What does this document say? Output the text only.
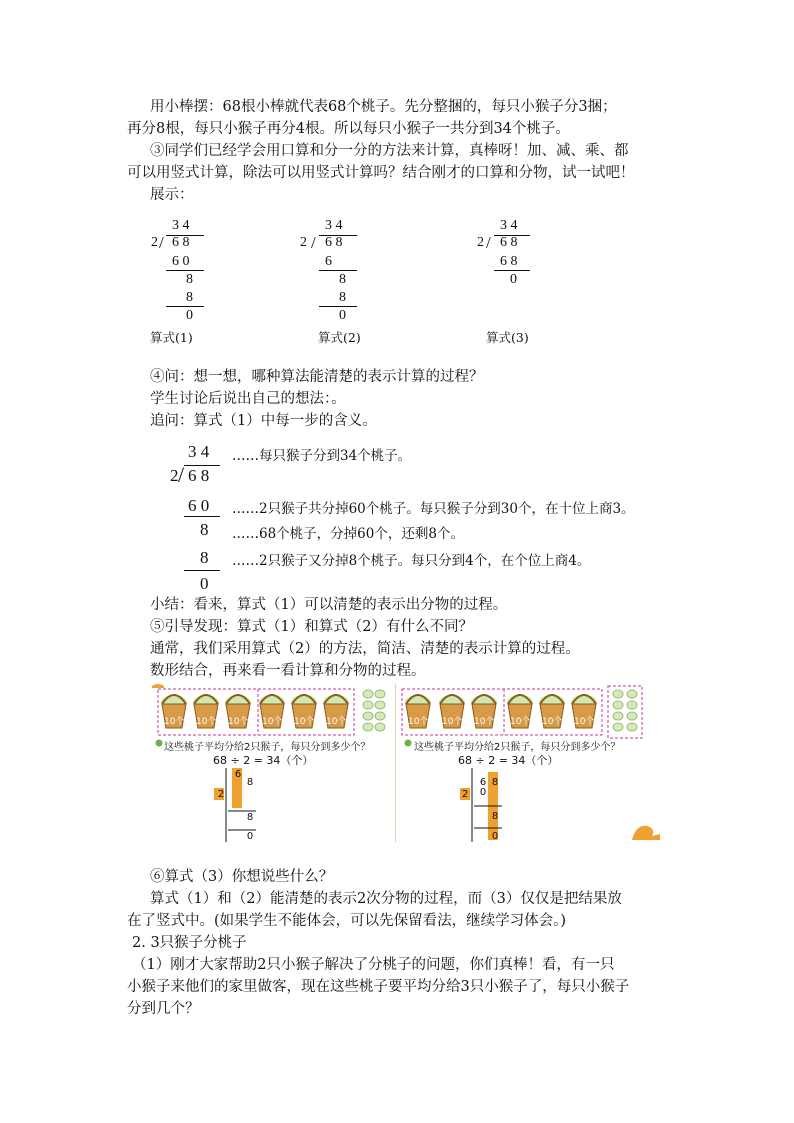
用小棒摆：68根小棒就代表68个桃子。先分整捆的，每只小猴子分3捆；
再分8根，每只小猴子再分4根。所以每只小猴子一共分到34个桃子。
③同学们已经学会用口算和分一分的方法来计算，真棒呀！加、减、乘、都
可以用竖式计算，除法可以用竖式计算吗？结合刚才的口算和分物，试一试吧！
展示：
3 4
2 / 6 8
6 0
8
8
0
算式(1)
3 4
2 / 6 8
6
8
8
0
算式(2)
3 4
2 / 6 8
6 8
0
算式(3)
④问：想一想，哪种算法能清楚的表示计算的过程？
学生讨论后说出自己的想法：。
追问：算式（1）中每一步的含义。
3 4
2 / 6 8
6 0
8
8
0
……每只猴子分到34个桃子。
……2只猴子共分掉60个桃子。每只猴子分到30个，在十位上商3。
……68个桃子，分掉60个，还剩8个。
……2只猴子又分掉8个桃子。每只分到4个，在个位上商4。
小结：看来，算式（1）可以清楚的表示出分物的过程。
⑤引导发现：算式（1）和算式（2）有什么不同？
通常，我们采用算式（2）的方法，简洁、清楚的表示计算的过程。
数形结合，再来看一看计算和分物的过程。
这些桃子平均分给2只猴子，每只分到多少个？
68 ÷ 2 = 34（个）
10个 10个 10个 10个 10个 10个
2
6
8
8
0
这些桃子平均分给2只猴子，每只分到多少个？
68 ÷ 2 = 34（个）
10个 10个 10个 10个 10个 10个
2
6 0
8
8
0
⑥算式（3）你想说些什么？
算式（1）和（2）能清楚的表示2次分物的过程，而（3）仅仅是把结果放
在了竖式中。(如果学生不能体会，可以先保留看法，继续学习体会。)
2. 3只猴子分桃子
（1）刚才大家帮助2只小猴子解决了分桃子的问题，你们真棒！看，有一只
小猴子来他们的家里做客，现在这些桃子要平均分给3只小猴子了，每只小猴子
分到几个？
